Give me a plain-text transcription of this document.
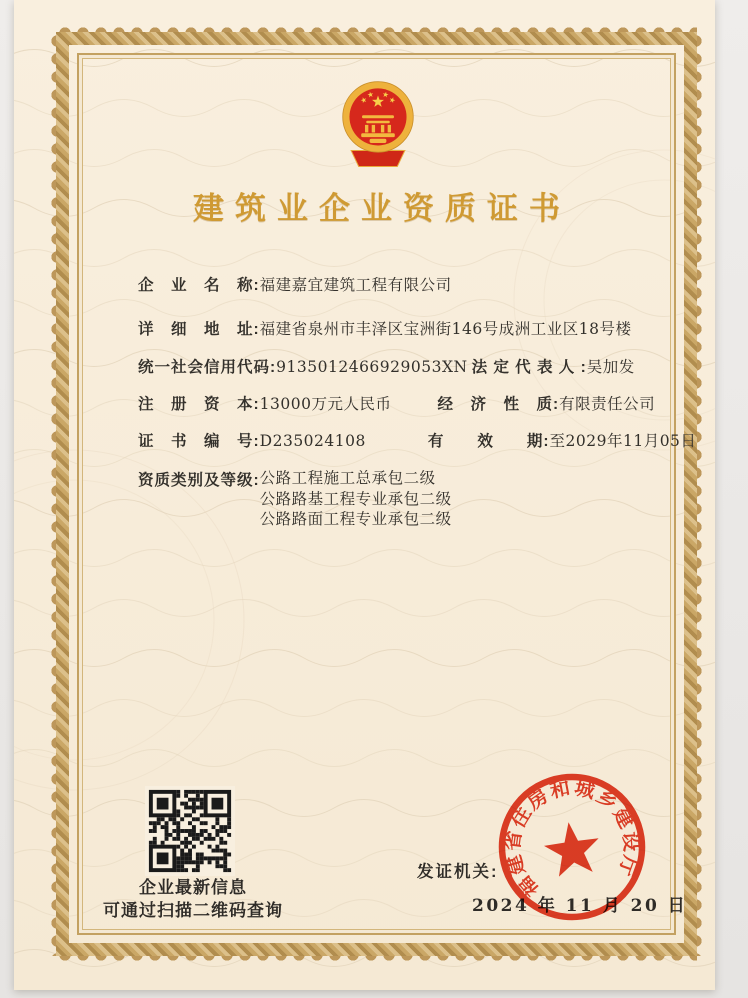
建筑业企业资质证书
企　业　名　称:福建嘉宜建筑工程有限公司
详　细　地　址:福建省泉州市丰泽区宝洲街146号成洲工业区18号楼
统一社会信用代码:9135012466929053XN 法 定 代 表 人 :吴加发
注　册　资　本:13000万元人民币	经　济　性　质:有限责任公司
证　书　编　号:D235024108	有　　效　　期:至2029年11月05日
资质类别及等级: 公路工程施工总承包二级
公路路基工程专业承包二级
公路路面工程专业承包二级
企业最新信息
可通过扫描二维码查询
发证机关:
2024 年 11 月 20 日
福建省住房和城乡建设厅
